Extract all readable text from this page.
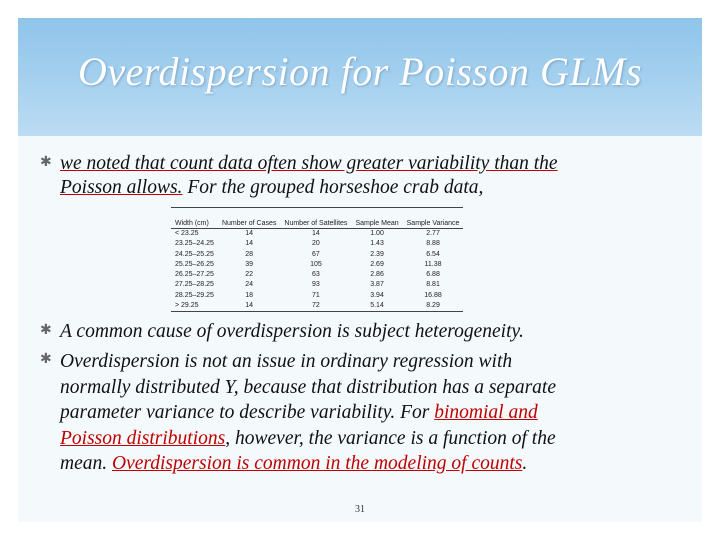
Overdispersion for Poisson GLMs
✱ we noted that count data often show greater variability than the
Poisson allows. For the grouped horseshoe crab data,
Width (cm)	Number of Cases	Number of Satellites	Sample Mean	Sample Variance
< 23.25	14	14	1.00	2.77
23.25–24.25	14	20	1.43	8.88
24.25–25.25	28	67	2.39	6.54
25.25–26.25	39	105	2.69	11.38
26.25–27.25	22	63	2.86	6.88
27.25–28.25	24	93	3.87	8.81
28.25–29.25	18	71	3.94	16.88
> 29.25	14	72	5.14	8.29
✱ A common cause of overdispersion is subject heterogeneity.
✱ Overdispersion is not an issue in ordinary regression with
normally distributed Y, because that distribution has a separate
parameter variance to describe variability. For binomial and
Poisson distributions, however, the variance is a function of the
mean. Overdispersion is common in the modeling of counts.
31
